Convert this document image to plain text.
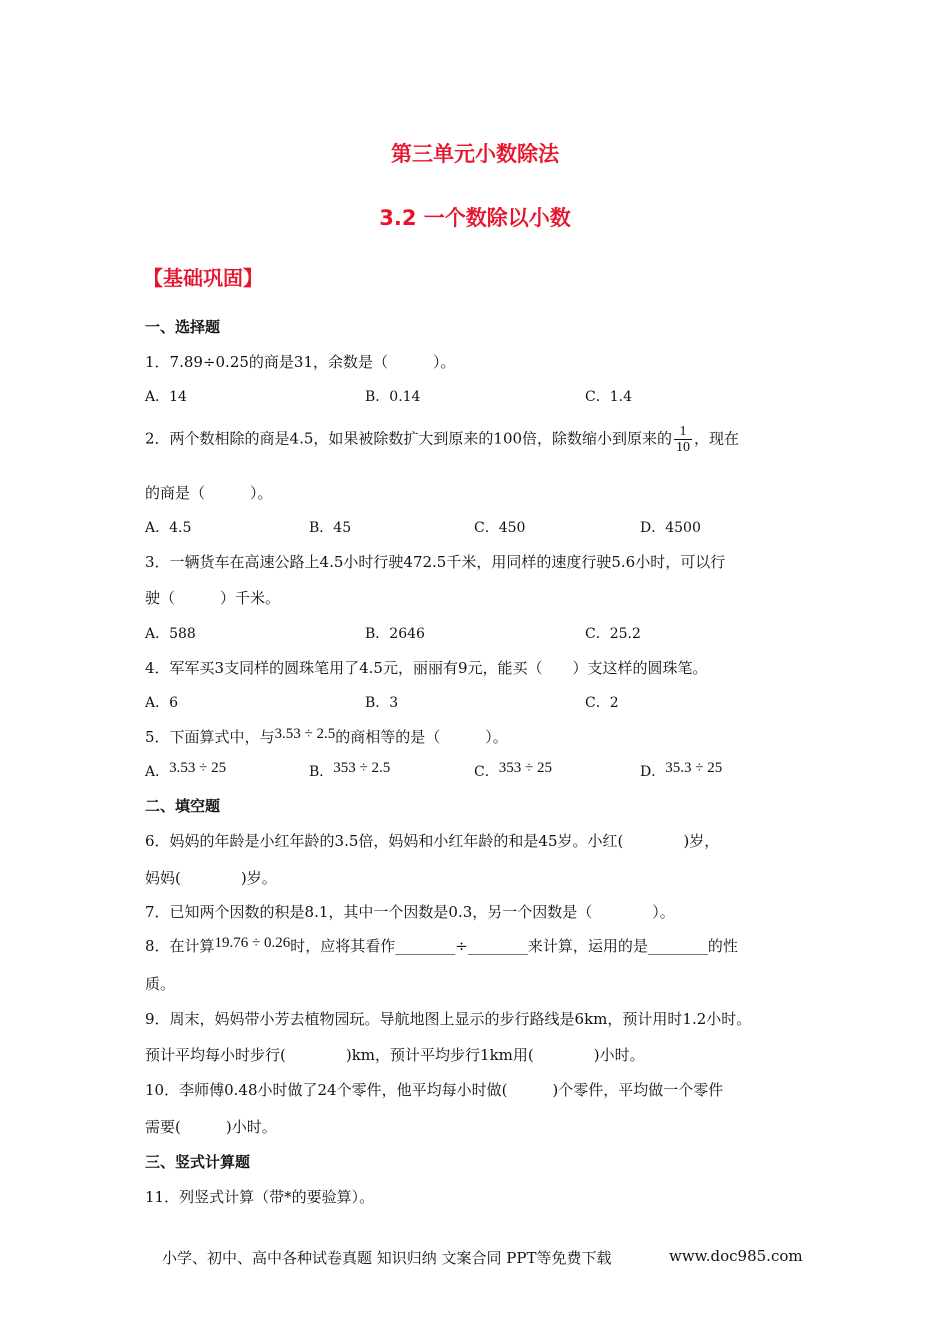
第三单元小数除法
3.2 一个数除以小数
【基础巩固】
一、选择题
1．7.89÷0.25的商是31，余数是（　　　）。
A．14	B．0.14	C．1.4
2．两个数相除的商是4.5，如果被除数扩大到原来的100倍，除数缩小到原来的 $\frac{1}{10}$ ，现在
的商是（　　　）。
A．4.5	B．45	C．450	D．4500
3．一辆货车在高速公路上4.5小时行驶472.5千米，用同样的速度行驶5.6小时，可以行
驶（　　　）千米。
A．588	B．2646	C．25.2
4．军军买3支同样的圆珠笔用了4.5元，丽丽有9元，能买（　　）支这样的圆珠笔。
A．6	B．3	C．2
5．下面算式中，与3.53 ÷ 2.5的商相等的是（　　　）。
A．3.53 ÷ 25	B．353 ÷ 2.5	C．353 ÷ 25	D．35.3 ÷ 25
二、填空题
6．妈妈的年龄是小红年龄的3.5倍，妈妈和小红年龄的和是45岁。小红(　　　　)岁，
妈妈(　　　　)岁。
7．已知两个因数的积是8.1，其中一个因数是0.3，另一个因数是（　　　　）。
8．在计算19.76 ÷ 0.26时，应将其看作________÷________来计算，运用的是________的性
质。
9．周末，妈妈带小芳去植物园玩。导航地图上显示的步行路线是6km，预计用时1.2小时。
预计平均每小时步行(　　　　)km，预计平均步行1km用(　　　　)小时。
10．李师傅0.48小时做了24个零件，他平均每小时做(　　　)个零件，平均做一个零件
需要(　　　)小时。
三、竖式计算题
11．列竖式计算（带*的要验算）。
小学、初中、高中各种试卷真题 知识归纳 文案合同 PPT等免费下载	www.doc985.com
